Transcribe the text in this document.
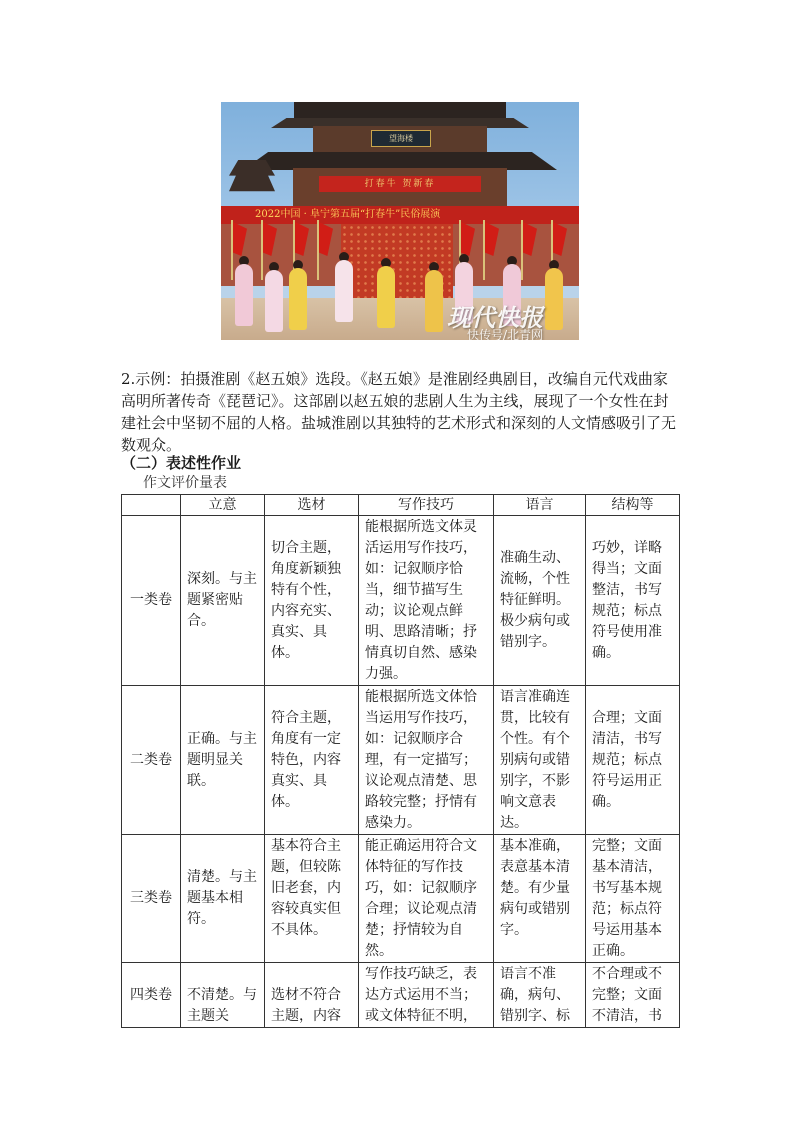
望海楼
打春牛 贺新春
2022中国 · 阜宁第五届“打春牛”民俗展演
现代快报
快传号/北青网

2.示例：拍摄淮剧《赵五娘》选段。《赵五娘》是淮剧经典剧目，改编自元代戏曲家高明所著传奇《琵琶记》。这部剧以赵五娘的悲剧人生为主线，展现了一个女性在封建社会中坚韧不屈的人格。盐城淮剧以其独特的艺术形式和深刻的人文情感吸引了无数观众。

（二）表述性作业

作文评价量表

	立意	选材	写作技巧	语言	结构等
一类卷	深刻。与主题紧密贴合。	切合主题，角度新颖独特有个性，内容充实、真实、具体。	能根据所选文体灵活运用写作技巧，如：记叙顺序恰当，细节描写生动；议论观点鲜明、思路清晰；抒情真切自然、感染力强。	准确生动、流畅，个性特征鲜明。极少病句或错别字。	巧妙，详略得当；文面整洁，书写规范；标点符号使用准确。
二类卷	正确。与主题明显关联。	符合主题，角度有一定特色，内容真实、具体。	能根据所选文体恰当运用写作技巧，如：记叙顺序合理，有一定描写；议论观点清楚、思路较完整；抒情有感染力。	语言准确连贯，比较有个性。有个别病句或错别字，不影响文意表达。	合理；文面清洁，书写规范；标点符号运用正确。
三类卷	清楚。与主题基本相符。	基本符合主题，但较陈旧老套，内容较真实但不具体。	能正确运用符合文体特征的写作技巧，如：记叙顺序合理；议论观点清楚；抒情较为自然。	基本准确，表意基本清楚。有少量病句或错别字。	完整；文面基本清洁，书写基本规范；标点符号运用基本正确。
四类卷	不清楚。与主题关	选材不符合主题，内容	写作技巧缺乏，表达方式运用不当；或文体特征不明，	语言不准确，病句、错别字、标	不合理或不完整；文面不清洁，书
